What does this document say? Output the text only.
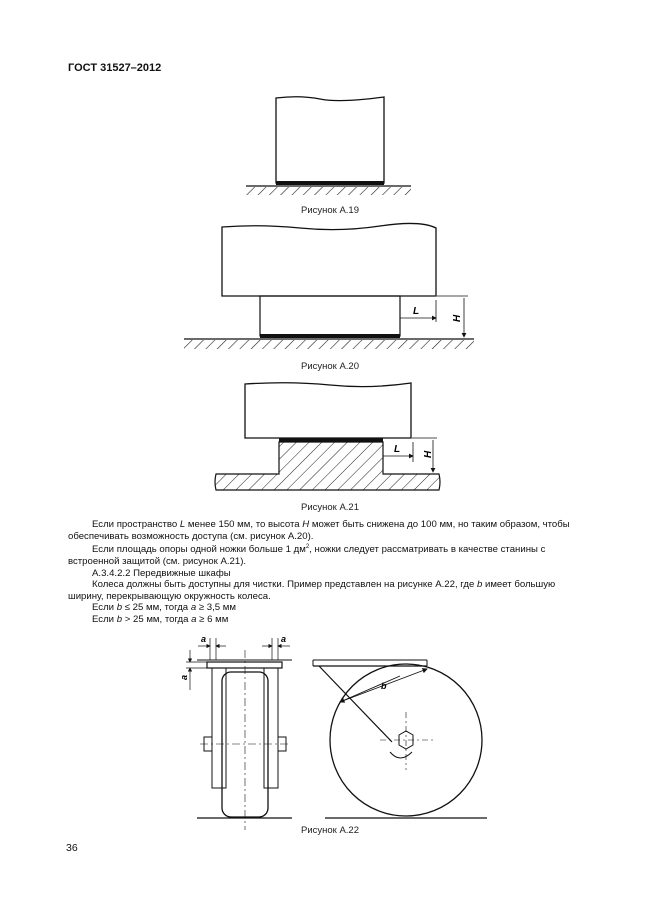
ГОСТ 31527–2012
L
H
L H
a	a
a
b
Рисунок А.19
Рисунок А.20
Рисунок А.21
Рисунок А.22

Если пространство L менее 150 мм, то высота H может быть снижена до 100 мм, но таким образом, чтобы обеспечивать возможность доступа (см. рисунок А.20).

Если площадь опоры одной ножки больше 1 $дм^2$, ножки следует рассматривать в качестве станины с встроенной защитой (см. рисунок А.21).

А.3.4.2.2 Передвижные шкафы

Колеса должны быть доступны для чистки. Пример представлен на рисунке А.22, где b имеет большую ширину, перекрывающую окружность колеса.

Если b ≤ 25 мм, тогда a ≥ 3,5 мм

Если b > 25 мм, тогда a ≥ 6 мм

36
